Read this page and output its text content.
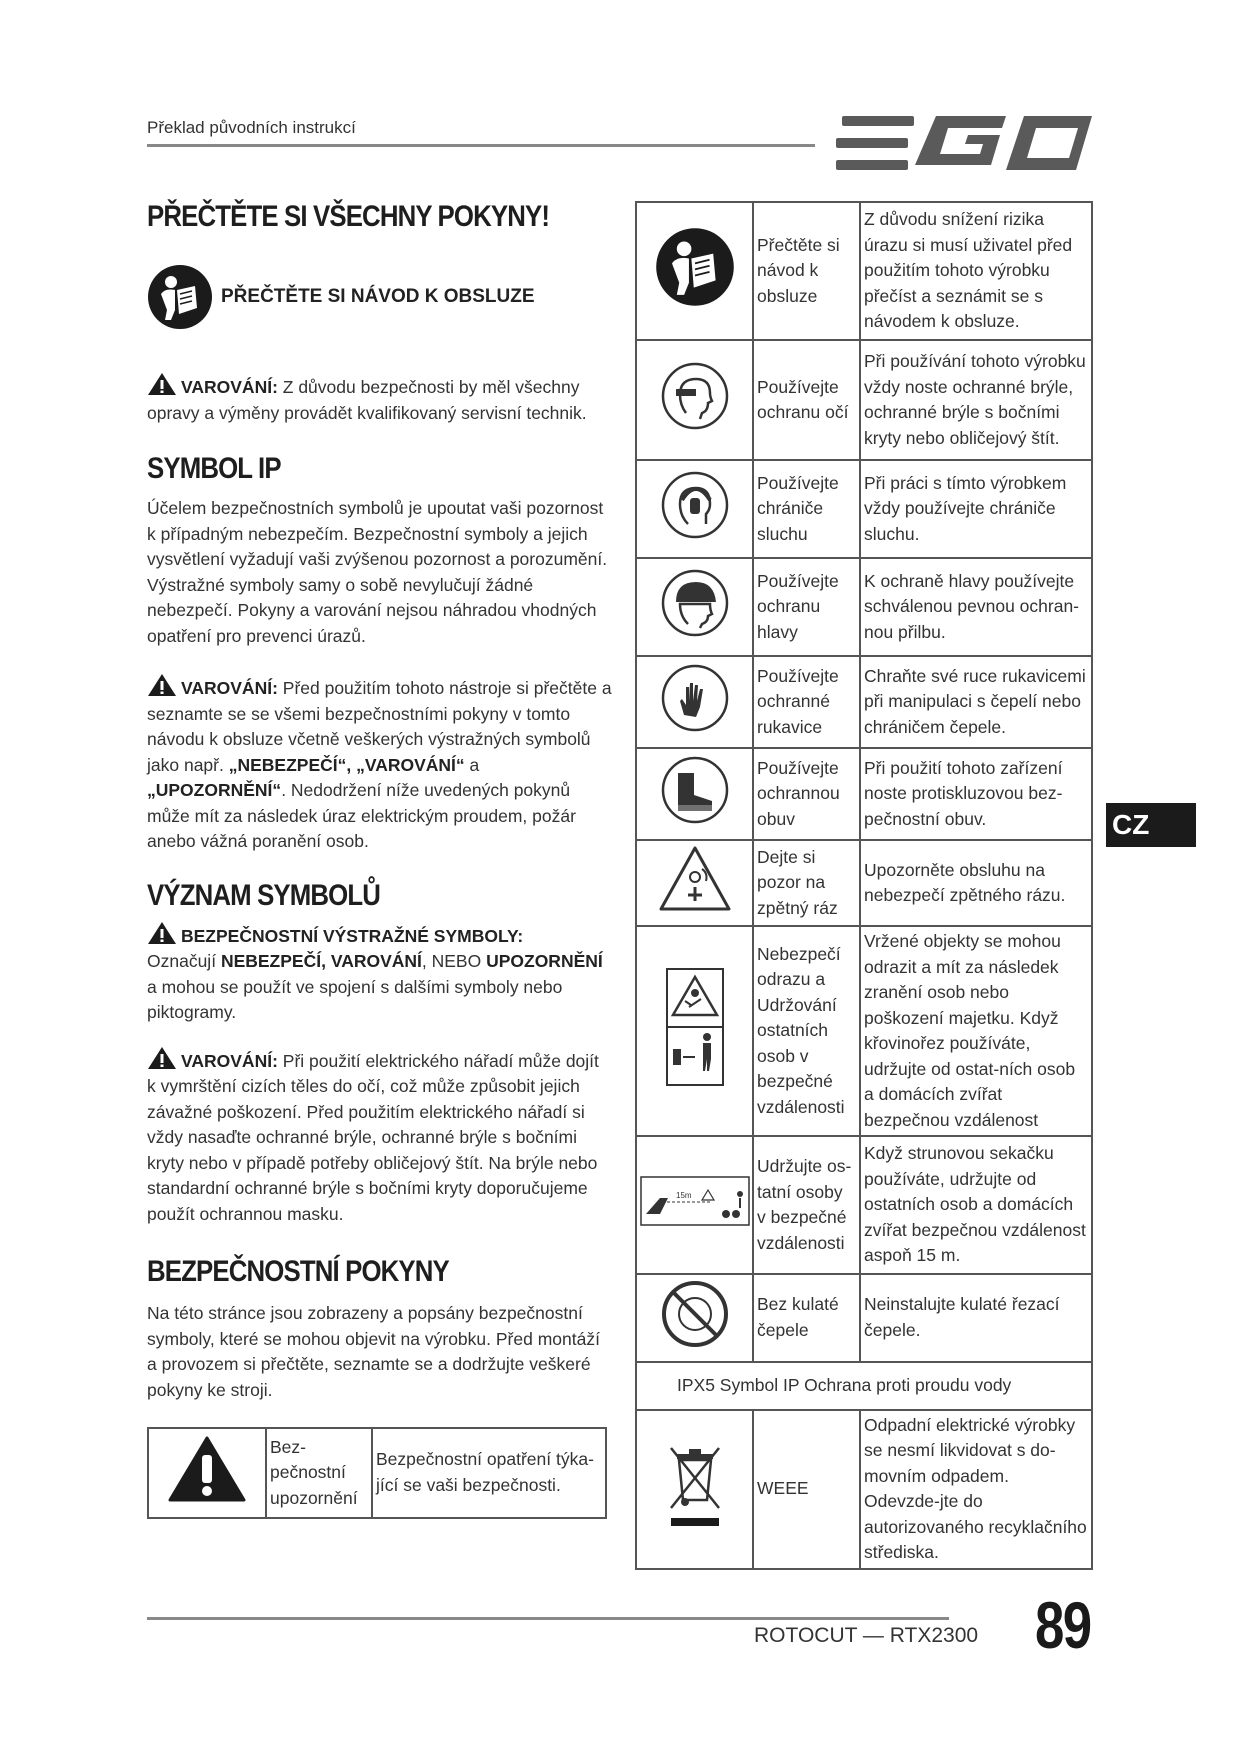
Překlad původních instrukcí
PŘEČTĚTE SI VŠECHNY POKYNY!
PŘEČTĚTE SI NÁVOD K OBSLUZE

VAROVÁNÍ: Z důvodu bezpečnosti by měl všechny opravy a výměny provádět kvalifikovaný servisní technik.

SYMBOL IP

Účelem bezpečnostních symbolů je upoutat vaši pozornost k případným nebezpečím. Bezpečnostní symboly a jejich vysvětlení vyžadují vaši zvýšenou pozornost a porozumění. Výstražné symboly samy o sobě nevylučují žádné nebezpečí. Pokyny a varování nejsou náhradou vhodných opatření pro prevenci úrazů.

VAROVÁNÍ: Před použitím tohoto nástroje si přečtěte a seznamte se se všemi bezpečnostními pokyny v tomto návodu k obsluze včetně veškerých výstražných symbolů jako např. „NEBEZPEČÍ“, „VAROVÁNÍ“ a „UPOZORNĚNÍ“. Nedodržení níže uvedených pokynů může mít za následek úraz elektrickým proudem, požár anebo vážná poranění osob.

VÝZNAM SYMBOLŮ

BEZPEČNOSTNÍ VÝSTRAŽNÉ SYMBOLY:
Označují NEBEZPEČÍ, VAROVÁNÍ, NEBO UPOZORNĚNÍ a mohou se použít ve spojení s dalšími symboly nebo piktogramy.

VAROVÁNÍ: Při použití elektrického nářadí může dojít k vymrštění cizích těles do očí, což může způsobit jejich závažné poškození. Před použitím elektrického nářadí si vždy nasaďte ochranné brýle, ochranné brýle s bočními kryty nebo v případě potřeby obličejový štít. Na brýle nebo standardní ochranné brýle s bočními kryty doporučujeme použít ochrannou masku.

BEZPEČNOSTNÍ POKYNY

Na této stránce jsou zobrazeny a popsány bezpečnostní symboly, které se mohou objevit na výrobku. Před montáží a provozem si přečtěte, seznamte se a dodržujte veškeré pokyny ke stroji.

	Bez-pečnostní upozornění	Bezpečnostní opatření týka-jící se vaši bezpečnosti.
	Přečtěte si návod k obsluze	Z důvodu snížení rizika úrazu si musí uživatel před použitím tohoto výrobku přečíst a seznámit se s návodem k obsluze.
	Používejte ochranu očí	Při používání tohoto výrobku vždy noste ochranné brýle, ochranné brýle s bočními kryty nebo obličejový štít.
	Používejte chrániče sluchu	Při práci s tímto výrobkem vždy používejte chrániče sluchu.
	Používejte ochranu hlavy	K ochraně hlavy používejte schválenou pevnou ochran-nou přilbu.
	Používejte ochranné rukavice	Chraňte své ruce rukavicemi při manipulaci s čepelí nebo chráničem čepele.
	Používejte ochrannou obuv	Při použití tohoto zařízení noste protiskluzovou bez-pečnostní obuv.
	Dejte si pozor na zpětný ráz	Upozorněte obsluhu na nebezpečí zpětného rázu.
	Nebezpečí odrazu a Udržování ostatních osob v bezpečné vzdálenosti	Vržené objekty se mohou odrazit a mít za následek zranění osob nebo poškození majetku. Když křovinořez používáte, udržujte od ostat-ních osob a domácích zvířat bezpečnou vzdálenost

15m	Udržujte os-tatní osoby v bezpečné vzdálenosti	Když strunovou sekačku používáte, udržujte od ostatních osob a domácích zvířat bezpečnou vzdálenost aspoň 15 m.
	Bez kulaté čepele	Neinstalujte kulaté řezací čepele.
IPX5 Symbol IP Ochrana proti proudu vody		
	WEEE	Odpadní elektrické výrobky se nesmí likvidovat s do-movním odpadem. Odevzde-jte do autorizovaného recyklačního střediska.
CZ
ROTOCUT — RTX2300 89
